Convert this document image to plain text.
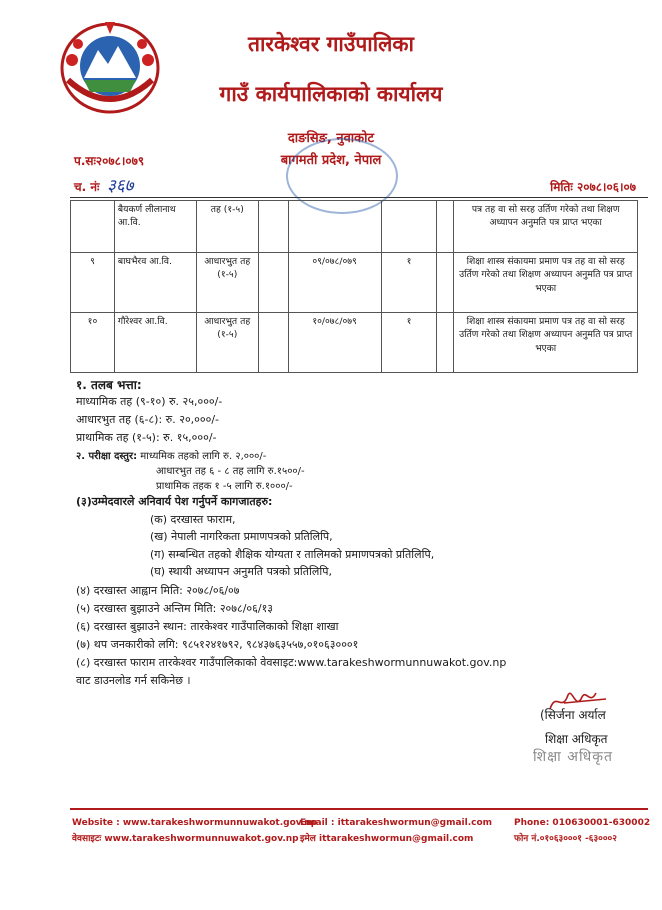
तारकेश्वर गाउँपालिका
गाउँ कार्यपालिकाको कार्यालय
दाङसिङ, नुवाकोट
बागमती प्रदेश, नेपाल
प.सः२०७८।०७९
च. नंः ३६७	मितिः २०७८।०६।०७
	बैयकर्ण लीलानाथ आ.वि.	तह (१-५)					पत्र तह वा सो सरह उर्तिण गरेको तथा शिक्षण अध्यापन अनुमति पत्र प्राप्त भएका
९	बाघभैरव आ.वि.	आधारभुत तह (१-५)		०९/०७८/०७९	१		शिक्षा शास्त्र संकायमा प्रमाण पत्र तह वा सो सरह उर्तिण गरेको तथा शिक्षण अध्यापन अनुमति पत्र प्राप्त भएका
१०	गौरेश्वर आ.वि.	आधारभुत तह (१-५)		१०/०७८/०७९	१		शिक्षा शास्त्र संकायमा प्रमाण पत्र तह वा सो सरह उर्तिण गरेको तथा शिक्षण अध्यापन अनुमति पत्र प्राप्त भएका
१. तलब भत्ता:
माध्यामिक तह (९-१०) रु. २५,०००/-
आधारभुत तह (६-८): रु. २०,०००/-
प्राथामिक तह (१-५): रु. १५,०००/-
२. परीक्षा दस्तुर: माध्यमिक तहको लागि रु. २,०००/-
आधारभुत तह ६ - ८ तह लागि रु.१५००/-
प्राथामिक तहक १ -५ लागि रु.१०००/-
(३)उम्मेदवारले अनिवार्य पेश गर्नुपर्ने कागजातहरु:
(क) दरखास्त फाराम,
(ख) नेपाली नागरिकता प्रमाणपत्रको प्रतिलिपि,
(ग) सम्बन्धित तहको शैक्षिक योग्यता र तालिमको प्रमाणपत्रको प्रतिलिपि,
(घ) स्थायी अध्यापन अनुमति पत्रको प्रतिलिपि,
(४) दरखास्त आह्वान मिति: २०७८/०६/०७
(५) दरखास्त बुझाउने अन्तिम मिति: २०७८/०६/१३
(६) दरखास्त बुझाउने स्थान: तारकेश्वर गाउँपालिकाको शिक्षा शाखा
(७) थप जनकारीको लगि: ९८५१२४१७९२, ९८४३७६३५५७,०१०६३०००१
(८) दरखास्त फाराम तारकेश्वर गाउँपालिकाको वेवसाइट:www.tarakeshwormunnuwakot.gov.np
वाट डाउनलोड गर्न सकिनेछ ।
(सिर्जना अर्याल
शिक्षा अधिकृत
शिक्षा अधिकृत
Website : www.tarakeshwormunnuwakot.gov.np
वेवसाइटः www.tarakeshwormunnuwakot.gov.np
Email : ittarakeshwormun@gmail.com
इमेल ittarakeshwormun@gmail.com
Phone: 010630001-630002
फोन नं.०१०६३०००१ -६३०००२
